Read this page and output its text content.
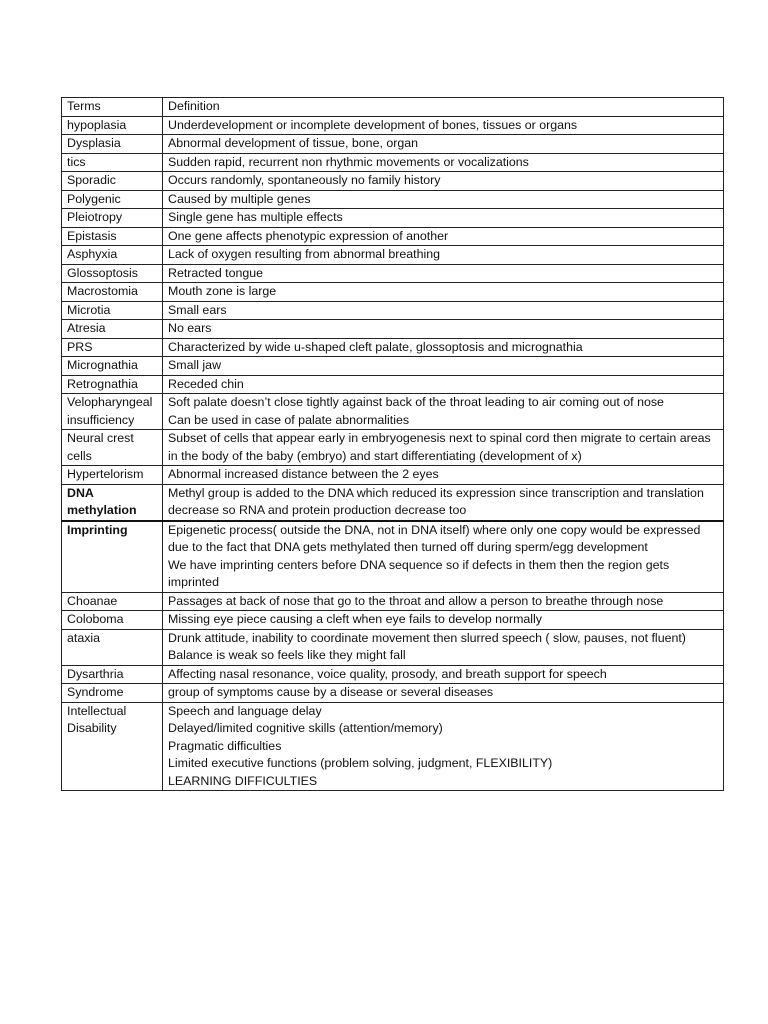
Terms	Definition
hypoplasia	Underdevelopment or incomplete development of bones, tissues or organs
Dysplasia	Abnormal development of tissue, bone, organ
tics	Sudden rapid, recurrent non rhythmic movements or vocalizations
Sporadic	Occurs randomly, spontaneously no family history
Polygenic	Caused by multiple genes
Pleiotropy	Single gene has multiple effects
Epistasis	One gene affects phenotypic expression of another
Asphyxia	Lack of oxygen resulting from abnormal breathing
Glossoptosis	Retracted tongue
Macrostomia	Mouth zone is large
Microtia	Small ears
Atresia	No ears
PRS	Characterized by wide u-shaped cleft palate, glossoptosis and micrognathia
Micrognathia	Small jaw
Retrognathia	Receded chin
Velopharyngeal insufficiency	Soft palate doesn’t close tightly against back of the throat leading to air coming out of nose
Can be used in case of palate abnormalities
Neural crest cells	Subset of cells that appear early in embryogenesis next to spinal cord then migrate to certain areas in the body of the baby (embryo) and start differentiating (development of x)
Hypertelorism	Abnormal increased distance between the 2 eyes
DNA methylation	Methyl group is added to the DNA which reduced its expression since transcription and translation decrease so RNA and protein production decrease too
Imprinting	Epigenetic process( outside the DNA, not in DNA itself) where only one copy would be expressed due to the fact that DNA gets methylated then turned off during sperm/egg development
We have imprinting centers before DNA sequence so if defects in them then the region gets imprinted
Choanae	Passages at back of nose that go to the throat and allow a person to breathe through nose
Coloboma	Missing eye piece causing a cleft when eye fails to develop normally
ataxia	Drunk attitude, inability to coordinate movement then slurred speech ( slow, pauses, not fluent)
Balance is weak so feels like they might fall
Dysarthria	Affecting nasal resonance, voice quality, prosody, and breath support for speech
Syndrome	group of symptoms cause by a disease or several diseases
Intellectual Disability	Speech and language delay
Delayed/limited cognitive skills (attention/memory)
Pragmatic difficulties
Limited executive functions (problem solving, judgment, FLEXIBILITY)
LEARNING DIFFICULTIES
